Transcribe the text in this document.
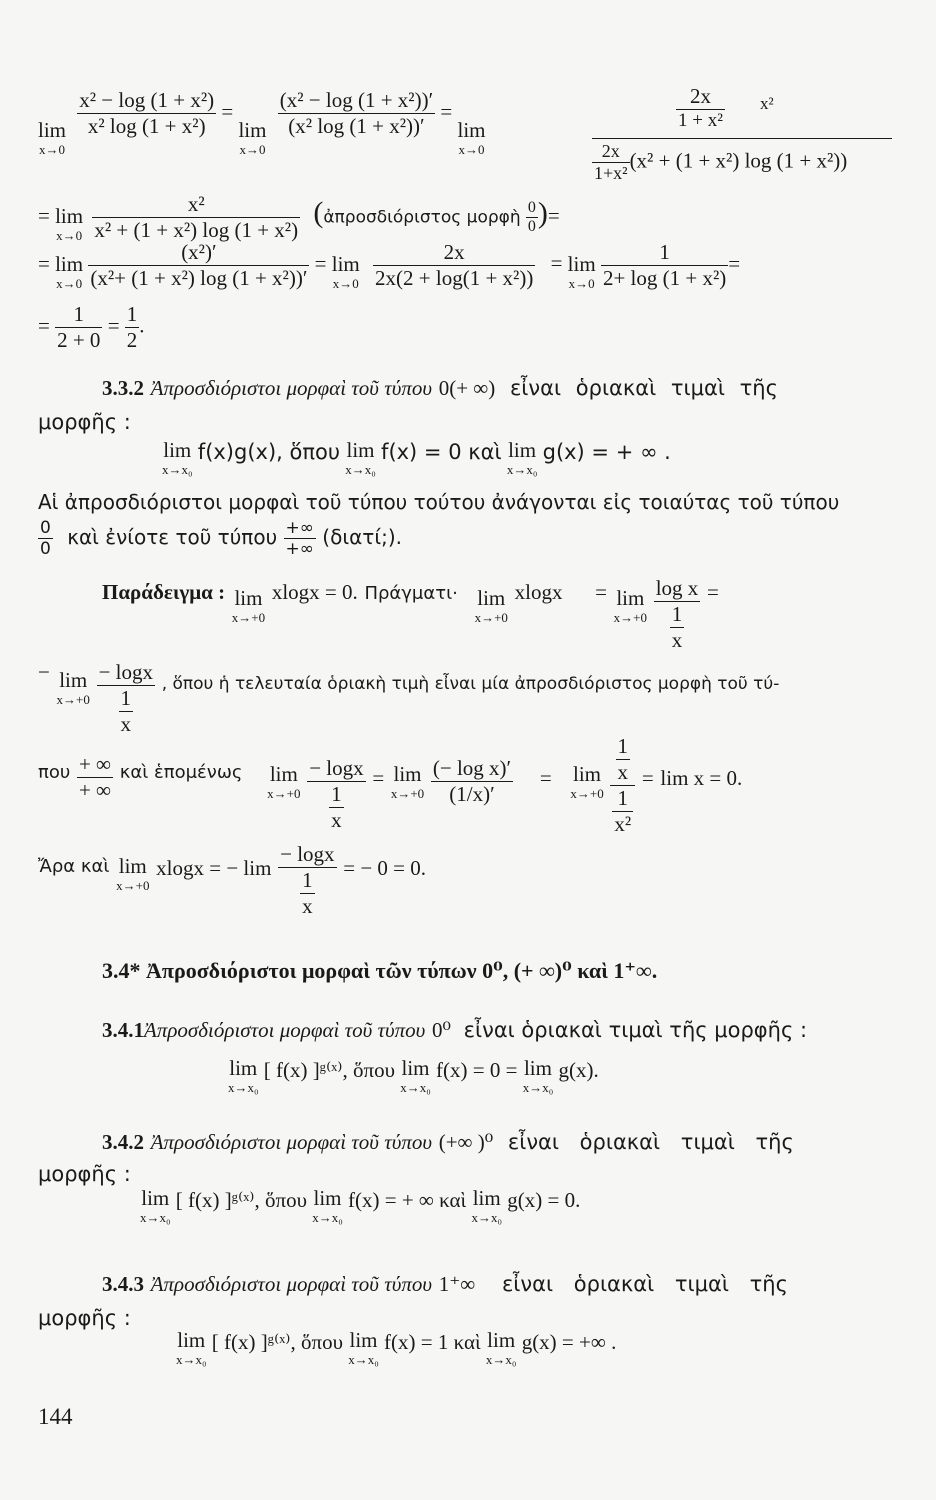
lim
x→0

$\frac{\text{x² − log (1 + x²)}}{\text{x² log (1 + x²)}} = \lim$
x→0

$\frac{\text{(x² − log (1 + x²))′}}{\text{(x² log (1 + x²))′}} = \lim$
x→0
$\frac{2x}{\text{1 + x²}} x^2$
$\frac{2x}{\text{1+x²}} (x^2 + (1 + x^2)$ log (1 + x²))
= lim
x→0
$\frac{\text{x²}}{\text{x² + (1 + x²) log (1 + x²)}}$ (ἀπροσδιόριστος μορφὴ $\frac{0}{0}$ )=
= lim
x→0
$\frac{\text{(x²)′}}{\text{(x²+ (1 + x²) log (1 + x²))′}} = \lim$
x→0
$\frac{2x}{\text{2x(2 + log(1 + x²))}} = \lim$
x→0
$\frac{1}{\text{2+ log (1 + x²)}}$ =
= $\frac{1}{2 + 0} = \frac{1}{2}$ .
3.3.2 Ἀπροσδιόριστοι μορφαὶ τοῦ τύπου 0(+ ∞) εἶναι ὁριακαὶ τιμαὶ τῆς
μορφῆς :
lim
x→x₀
f(x)g(x), ὅπου lim
x→x₀
f(x) = 0 καὶ lim
x→x₀
g(x) = + ∞ .
Αἱ ἀπροσδιόριστοι μορφαὶ τοῦ τύπου τούτου ἀνάγονται εἰς τοιαύτας τοῦ τύπου
$\frac{0}{0}$ καὶ ἐνίοτε τοῦ τύπου $\frac{+\infty}{+\infty}$ (διατί;).
Παράδειγμα : lim
x→+0
xlogx = 0. Πράγματι· lim
x→+0
xlogx = lim
x→+0
$\frac{\text{log x}}{\frac{1}{x}}$ =
− lim
x→+0
$\frac{- \log x}{\frac{1}{x}} ^{, ὅ\pi o\upsilon ἡ \tau\varepsilon\lambda\varepsilon\upsilon\tau\alpha ί\alpha ὁ\rho\iota\alpha\kappa ὴ \tau\iota\mu ὴ \varepsilon ἶ\nu\alpha\iota \mu ί\alpha ἀ\pi\rho o\sigma\delta\iota ό\rho\iota\sigma\tau o\varsigma \mu o\rho\varphi ὴ \tau oῦ \tau ύ-}$
που $\frac{+ \infty}{+ \infty}$ καὶ ἑπομένως lim
x→+0
$\frac{- \log x}{\frac{1}{x}} = \lim$
x→+0
$\frac{\text{(− log x)′}}{(1/x)'} = \lim$
x→+0
$\frac{\frac{1}{x}}{\frac{1}{\text{x²}}} = \lim x = 0$.
Ἄρα καὶ lim
x→+0
xlogx = − $\lim \frac{- \log x}{\frac{1}{x}}$ = − 0 = 0.
3.4* Ἀπροσδιόριστοι μορφαὶ τῶν τύπων 0⁰, (+ ∞)⁰ καὶ 1⁺∞.
3.4.1Ἀπροσδιόριστοι μορφαὶ τοῦ τύπου 0⁰ εἶναι ὁριακαὶ τιμαὶ τῆς μορφῆς :
lim
x→x₀
[ f(x) ]ᵍ⁽ˣ⁾, ὅπου lim
x→x₀
f(x) = 0 = lim
x→x₀
g(x).
3.4.2 Ἀπροσδιόριστοι μορφαὶ τοῦ τύπου (+∞ )⁰ εἶναι ὁριακαὶ τιμαὶ τῆς
μορφῆς :
lim
x→x₀
[ f(x) ]ᵍ⁽ˣ⁾, ὅπου lim
x→x₀
f(x) = + ∞ καὶ lim
x→x₀
g(x) = 0.
3.4.3 Ἀπροσδιόριστοι μορφαὶ τοῦ τύπου 1⁺∞ εἶναι ὁριακαὶ τιμαὶ τῆς
μορφῆς :
lim
x→x₀
[ f(x) ]ᵍ⁽ˣ⁾, ὅπου lim
x→x₀
f(x) = 1 καὶ lim
x→x₀
g(x) = +∞ .
144
